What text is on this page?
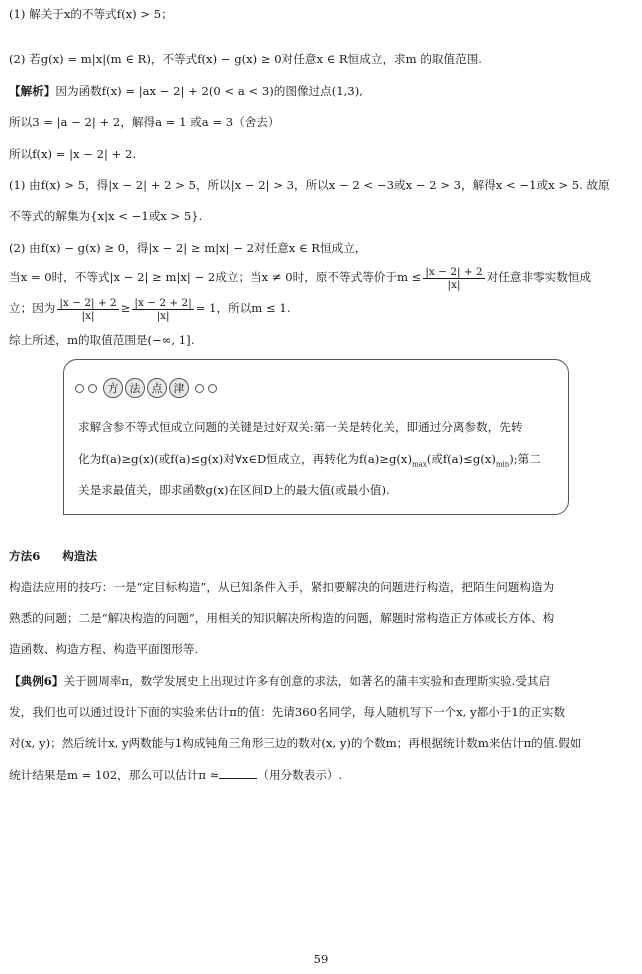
(1) 解关于x的不等式f(x) > 5；
(2) 若g(x) = m|x|(m ∈ R)，不等式f(x) − g(x) ≥ 0对任意x ∈ R恒成立，求m 的取值范围.
【解析】因为函数f(x) = |ax − 2| + 2(0 < a < 3)的图像过点(1,3),
所以3 = |a − 2| + 2，解得a = 1 或a = 3（舍去）
所以f(x) = |x − 2| + 2.
(1) 由f(x) > 5，得|x − 2| + 2 > 5，所以|x − 2| > 3，所以x − 2 < −3或x − 2 > 3，解得x < −1或x > 5. 故原
不等式的解集为{x|x < −1或x > 5}.
(2) 由f(x) − g(x) ≥ 0，得|x − 2| ≥ m|x| − 2对任意x ∈ R恒成立，
当x = 0时，不等式|x − 2| ≥ m|x| − 2成立；当x ≠ 0时，原不等式等价于$m \le \frac{|x - 2| + 2}{|x|}$ 对任意非零实数恒成
立；因为 $\frac{|x - 2| + 2}{|x|} \ge \frac{|x - 2 + 2|}{|x|} = 1$，所以m ≤ 1.
综上所述，m的取值范围是(−∞, 1].
方	法	点	津
求解含参不等式恒成立问题的关键是过好双关:第一关是转化关，即通过分离参数，先转
化为f(a)≥g(x)(或f(a)≤g(x)对∀x∈D恒成立，再转化为$f(a)\ge g(x)_{max}$(或$f(a)\le g(x)_{min}$);第二
关是求最值关，即求函数g(x)在区间D上的最大值(或最小值).
方法6 构造法
构造法应用的技巧：一是“定目标构造”，从已知条件入手，紧扣要解决的问题进行构造，把陌生问题构造为
熟悉的问题；二是“解决构造的问题”，用相关的知识解决所构造的问题，解题时常构造正方体或长方体、构
造函数、构造方程、构造平面图形等.
【典例6】关于圆周率π，数学发展史上出现过许多有创意的求法，如著名的蒲丰实验和查理斯实验.受其启
发，我们也可以通过设计下面的实验来估计π的值：先请360名同学，每人随机写下一个x, y都小于1的正实数
对(x, y)；然后统计x, y两数能与1构成钝角三角形三边的数对(x, y)的个数m；再根据统计数m来估计π的值.假如
统计结果是m = 102，那么可以估计π ≈	（用分数表示）.
59
